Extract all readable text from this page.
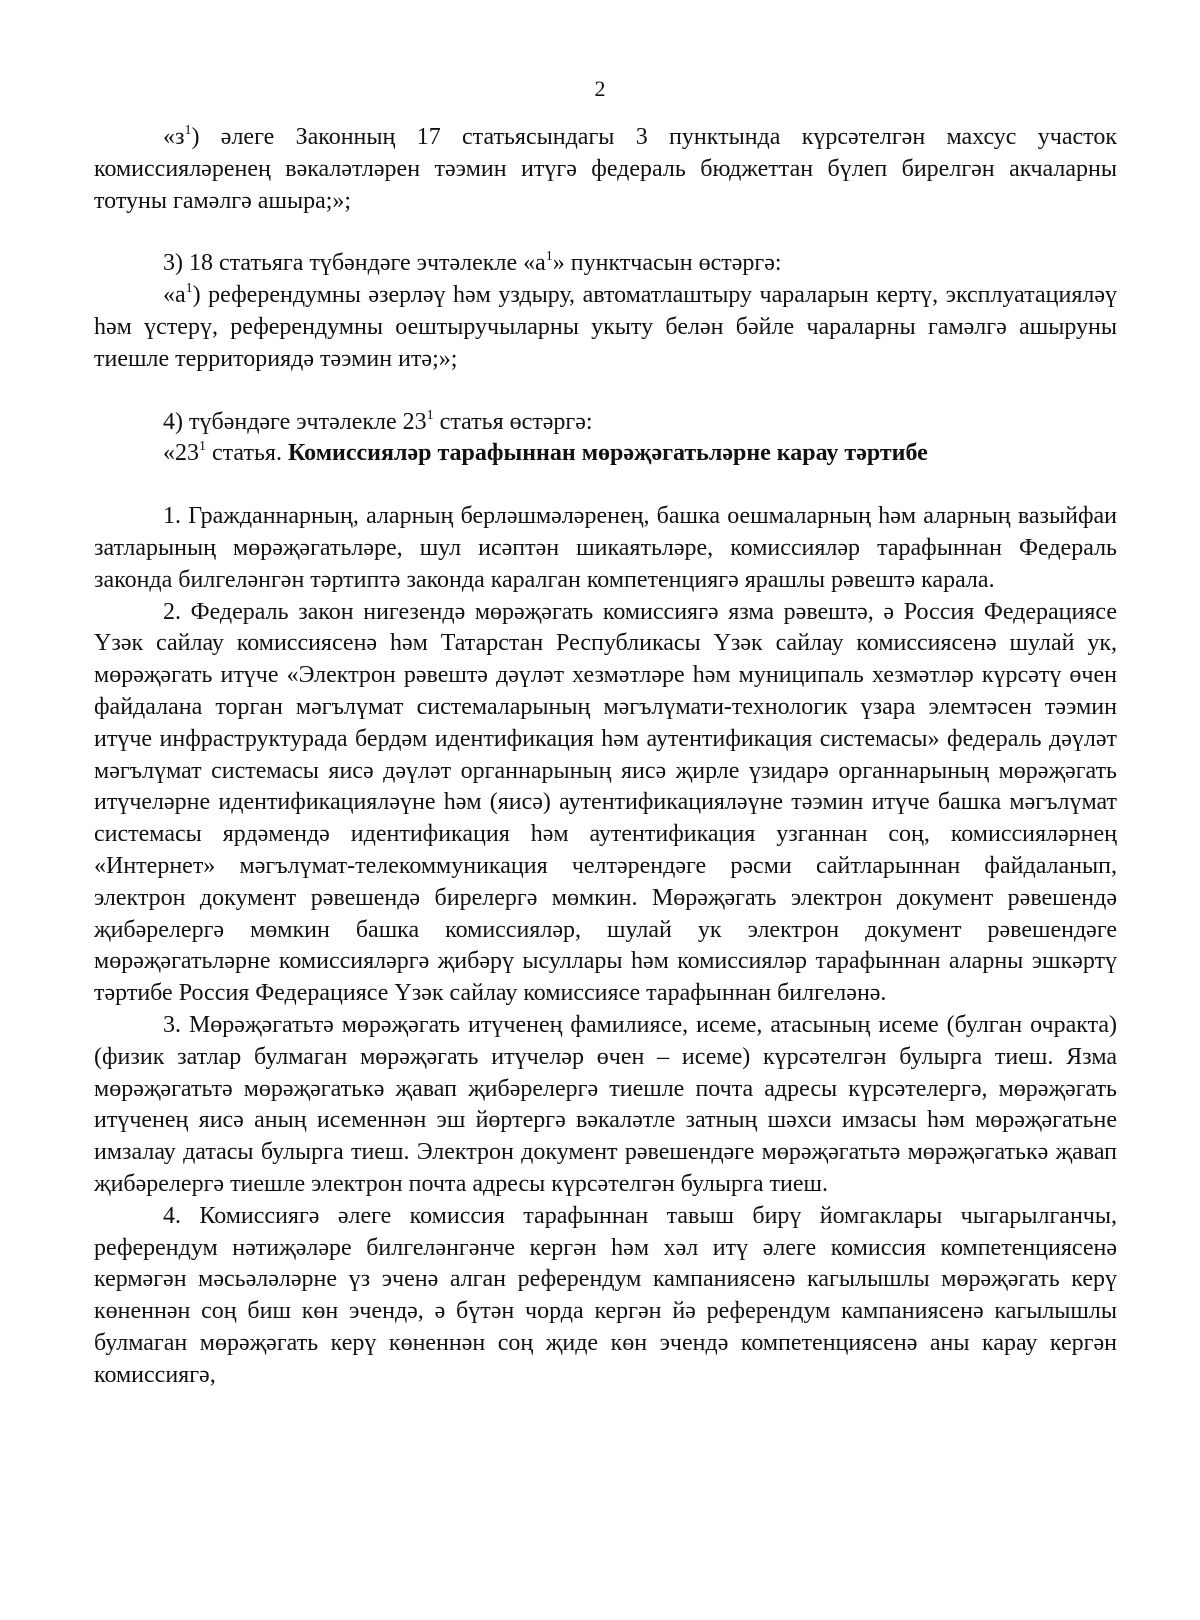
2

«$з^1$) әлеге Законның 17 статьясындагы 3 пунктында күрсәтелгән махсус участок комиссияләренең вәкаләтләрен тәэмин итүгә федераль бюджеттан бүлеп бирелгән акчаларны тотуны гамәлгә ашыра;»;

3) 18 статьяга түбәндәге эчтәлекле «$а^1$» пунктчасын өстәргә:

«$а^1$) референдумны әзерләү һәм уздыру, автоматлаштыру чараларын кертү, эксплуатацияләү һәм үстерү, референдумны оештыручыларны укыту белән бәйле чараларны гамәлгә ашыруны тиешле территориядә тәэмин итә;»;

4) түбәндәге эчтәлекле $23^1$ статья өстәргә:

«$23^1$ статья. Комиссияләр тарафыннан мөрәҗәгатьләрне карау тәртибе

1. Гражданнарның, аларның берләшмәләренең, башка оешмаларның һәм аларның вазыйфаи затларының мөрәҗәгатьләре, шул исәптән шикаятьләре, комиссияләр тарафыннан Федераль законда билгеләнгән тәртиптә законда каралган компетенциягә ярашлы рәвештә карала.

2. Федераль закон нигезендә мөрәҗәгать комиссиягә язма рәвештә, ә Россия Федерациясе Үзәк сайлау комиссиясенә һәм Татарстан Республикасы Үзәк сайлау комиссиясенә шулай ук, мөрәҗәгать итүче «Электрон рәвештә дәүләт хезмәтләре һәм муниципаль хезмәтләр күрсәтү өчен файдалана торган мәгълүмат системаларының мәгълүмати-технологик үзара элемтәсен тәэмин итүче инфраструктурада бердәм идентификация һәм аутентификация системасы» федераль дәүләт мәгълүмат системасы яисә дәүләт органнарының яисә җирле үзидарә органнарының мөрәҗәгать итүчеләрне идентификацияләүне һәм (яисә) аутентификацияләүне тәэмин итүче башка мәгълүмат системасы ярдәмендә идентификация һәм аутентификация узганнан соң, комиссияләрнең «Интернет» мәгълүмат-телекоммуникация челтәрендәге рәсми сайтларыннан файдаланып, электрон документ рәвешендә бирелергә мөмкин. Мөрәҗәгать электрон документ рәвешендә җибәрелергә мөмкин башка комиссияләр, шулай ук электрон документ рәвешендәге мөрәҗәгатьләрне комиссияләргә җибәрү ысуллары һәм комиссияләр тарафыннан аларны эшкәртү тәртибе Россия Федерациясе Үзәк сайлау комиссиясе тарафыннан билгеләнә.

3. Мөрәҗәгатьтә мөрәҗәгать итүченең фамилиясе, исеме, атасының исеме (булган очракта) (физик затлар булмаган мөрәҗәгать итүчеләр өчен – исеме) күрсәтелгән булырга тиеш. Язма мөрәҗәгатьтә мөрәҗәгатькә җавап җибәрелергә тиешле почта адресы күрсәтелергә, мөрәҗәгать итүченең яисә аның исеменнән эш йөртергә вәкаләтле затның шәхси имзасы һәм мөрәҗәгатьне имзалау датасы булырга тиеш. Электрон документ рәвешендәге мөрәҗәгатьтә мөрәҗәгатькә җавап җибәрелергә тиешле электрон почта адресы күрсәтелгән булырга тиеш.

4. Комиссиягә әлеге комиссия тарафыннан тавыш бирү йомгаклары чыгарылганчы, референдум нәтиҗәләре билгеләнгәнче кергән һәм хәл итү әлеге комиссия компетенциясенә кермәгән мәсьәләләрне үз эченә алган референдум кампаниясенә кагылышлы мөрәҗәгать керү көненнән соң биш көн эчендә, ә бүтән чорда кергән йә референдум кампаниясенә кагылышлы булмаган мөрәҗәгать керү көненнән соң җиде көн эчендә компетенциясенә аны карау кергән комиссиягә,
